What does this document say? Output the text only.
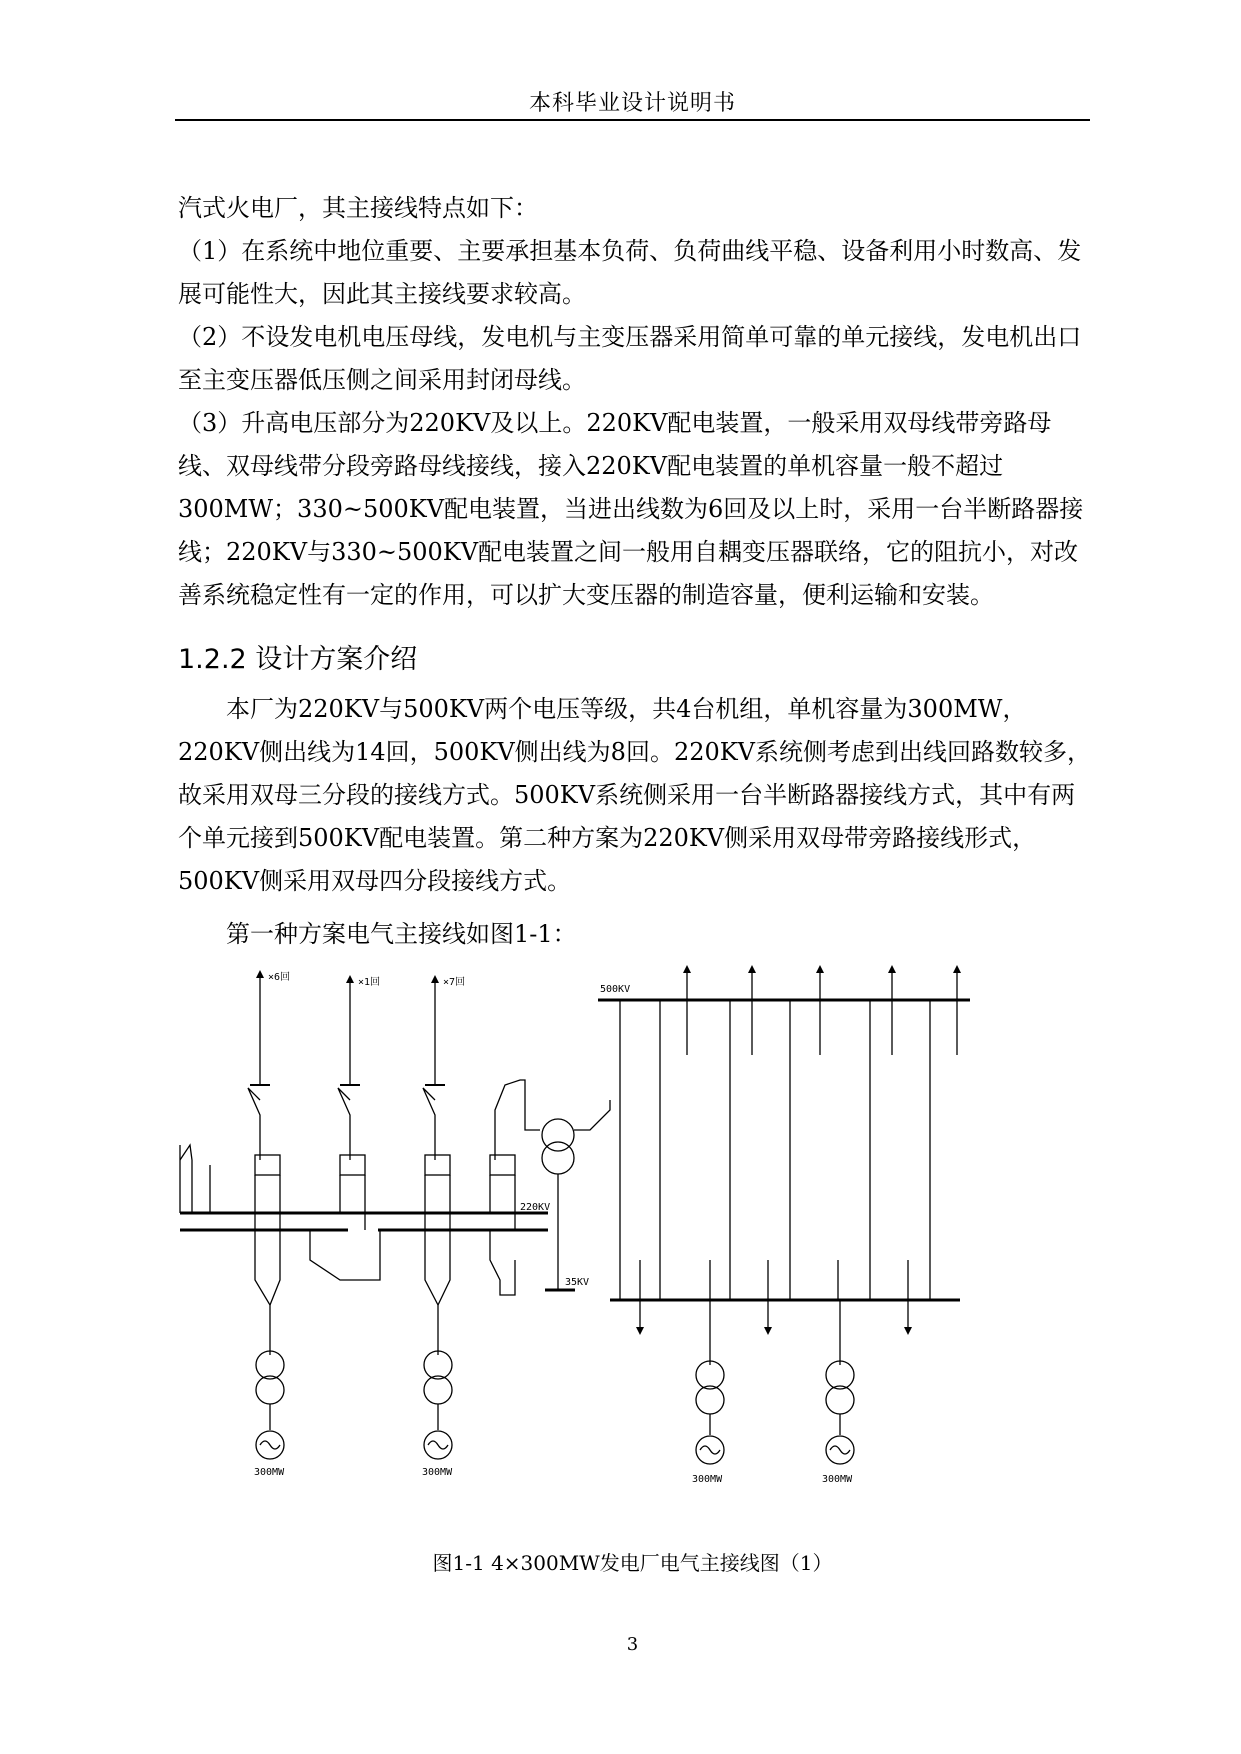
本科毕业设计说明书

汽式火电厂，其主接线特点如下：

（1）在系统中地位重要、主要承担基本负荷、负荷曲线平稳、设备利用小时数高、发展可能性大，因此其主接线要求较高。

（2）不设发电机电压母线，发电机与主变压器采用简单可靠的单元接线，发电机出口至主变压器低压侧之间采用封闭母线。

（3）升高电压部分为220KV及以上。220KV配电装置，一般采用双母线带旁路母线、双母线带分段旁路母线接线，接入220KV配电装置的单机容量一般不超过300MW；330~500KV配电装置，当进出线数为6回及以上时，采用一台半断路器接线；220KV与330~500KV配电装置之间一般用自耦变压器联络，它的阻抗小，对改善系统稳定性有一定的作用，可以扩大变压器的制造容量，便利运输和安装。

1.2.2 设计方案介绍

本厂为220KV与500KV两个电压等级，共4台机组，单机容量为300MW，220KV侧出线为14回，500KV侧出线为8回。220KV系统侧考虑到出线回路数较多，故采用双母三分段的接线方式。500KV系统侧采用一台半断路器接线方式，其中有两个单元接到500KV配电装置。第二种方案为220KV侧采用双母带旁路接线形式，500KV侧采用双母四分段接线方式。

第一种方案电气主接线如图1-1：

×6回	×1回	×7回
500KV
220KV
35KV
300MW	300MW
300MW	300MW
图1-1 4×300MW发电厂电气主接线图（1）
3
